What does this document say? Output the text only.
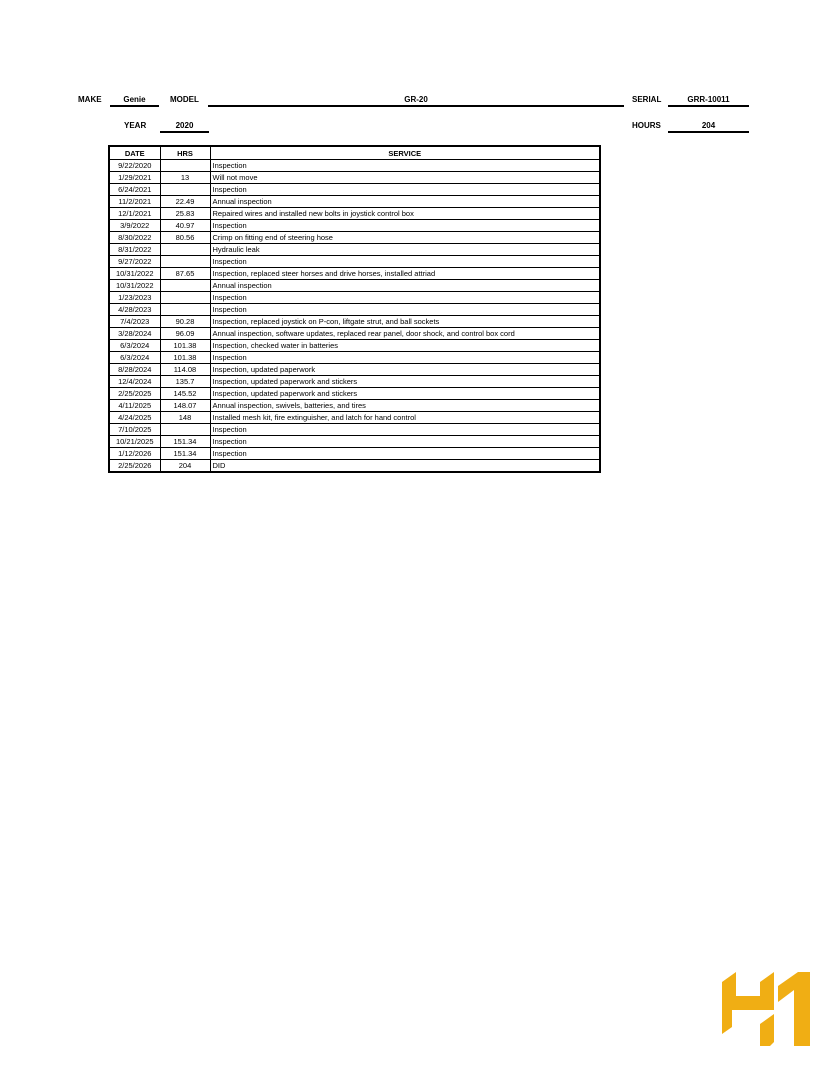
MAKE	Genie	MODEL	GR-20	SERIAL	GRR-10011
YEAR	2020	HOURS	204
DATE	HRS	SERVICE
9/22/2020		Inspection
1/29/2021	13	Will not move
6/24/2021		Inspection
11/2/2021	22.49	Annual inspection
12/1/2021	25.83	Repaired wires and installed new bolts in joystick control box
3/9/2022	40.97	Inspection
8/30/2022	80.56	Crimp on fitting end of steering hose
8/31/2022		Hydraulic leak
9/27/2022		Inspection
10/31/2022	87.65	Inspection, replaced steer horses and drive horses, installed attriad
10/31/2022		Annual inspection
1/23/2023		Inspection
4/28/2023		Inspection
7/4/2023	90.28	Inspection, replaced joystick on P-con, liftgate strut, and ball sockets
3/28/2024	96.09	Annual inspection, software updates, replaced rear panel, door shock, and control box cord
6/3/2024	101.38	Inspection, checked water in batteries
6/3/2024	101.38	Inspection
8/28/2024	114.08	Inspection, updated paperwork
12/4/2024	135.7	Inspection, updated paperwork and stickers
2/25/2025	145.52	Inspection, updated paperwork and stickers
4/11/2025	148.07	Annual inspection, swivels, batteries, and tires
4/24/2025	148	Installed mesh kit, fire extinguisher, and latch for hand control
7/10/2025		Inspection
10/21/2025	151.34	Inspection
1/12/2026	151.34	Inspection
2/25/2026	204	DID
